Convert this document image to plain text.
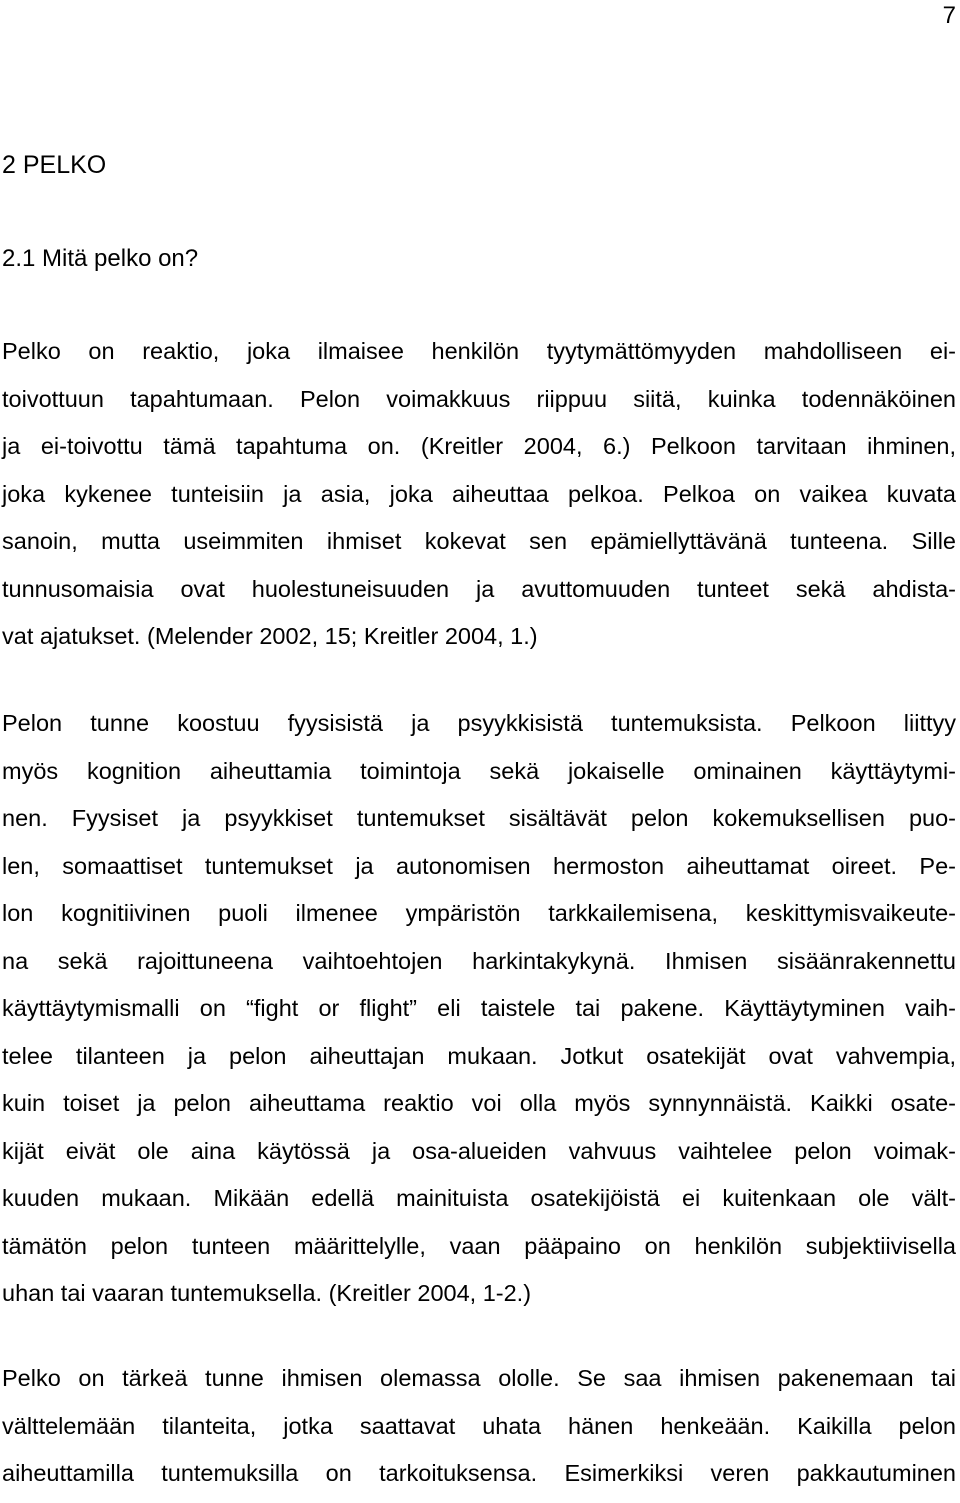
7
2 PELKO
2.1 Mitä pelko on?

Pelko on reaktio, joka ilmaisee henkilön tyytymättömyyden mahdolliseen ei-
toivottuun tapahtumaan. Pelon voimakkuus riippuu siitä, kuinka todennäköinen
ja ei-toivottu tämä tapahtuma on. (Kreitler 2004, 6.) Pelkoon tarvitaan ihminen,
joka kykenee tunteisiin ja asia, joka aiheuttaa pelkoa. Pelkoa on vaikea kuvata
sanoin, mutta useimmiten ihmiset kokevat sen epämiellyttävänä tunteena. Sille
tunnusomaisia ovat huolestuneisuuden ja avuttomuuden tunteet sekä ahdista-
vat ajatukset. (Melender 2002, 15; Kreitler 2004, 1.)

Pelon tunne koostuu fyysisistä ja psyykkisistä tuntemuksista. Pelkoon liittyy
myös kognition aiheuttamia toimintoja sekä jokaiselle ominainen käyttäytymi-
nen. Fyysiset ja psyykkiset tuntemukset sisältävät pelon kokemuksellisen puo-
len, somaattiset tuntemukset ja autonomisen hermoston aiheuttamat oireet. Pe-
lon kognitiivinen puoli ilmenee ympäristön tarkkailemisena, keskittymisvaikeute-
na sekä rajoittuneena vaihtoehtojen harkintakykynä. Ihmisen sisäänrakennettu
käyttäytymismalli on “fight or flight” eli taistele tai pakene. Käyttäytyminen vaih-
telee tilanteen ja pelon aiheuttajan mukaan. Jotkut osatekijät ovat vahvempia,
kuin toiset ja pelon aiheuttama reaktio voi olla myös synnynnäistä. Kaikki osate-
kijät eivät ole aina käytössä ja osa-alueiden vahvuus vaihtelee pelon voimak-
kuuden mukaan. Mikään edellä mainituista osatekijöistä ei kuitenkaan ole vält-
tämätön pelon tunteen määrittelylle, vaan pääpaino on henkilön subjektiivisella
uhan tai vaaran tuntemuksella. (Kreitler 2004, 1-2.)

Pelko on tärkeä tunne ihmisen olemassa ololle. Se saa ihmisen pakenemaan tai
välttelemään tilanteita, jotka saattavat uhata hänen henkeään. Kaikilla pelon
aiheuttamilla tuntemuksilla on tarkoituksensa. Esimerkiksi veren pakkautuminen
